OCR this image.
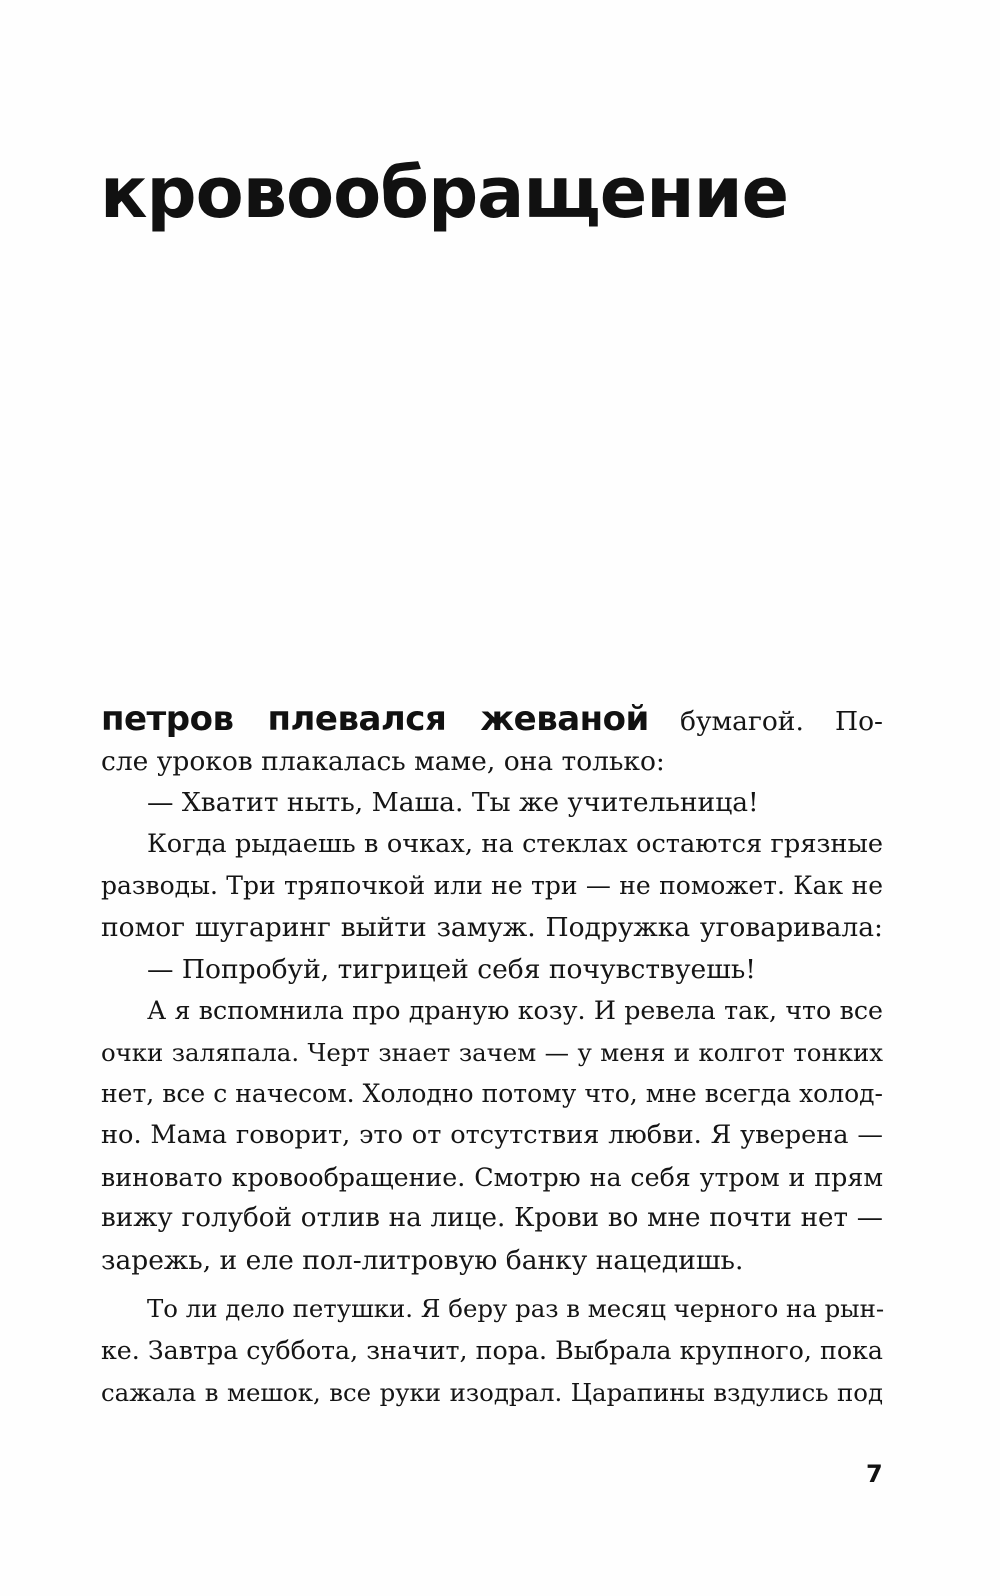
кровообращение
петров плевался жеваной бумагой. По-
сле уроков плакалась маме, она только:
— Хватит ныть, Маша. Ты же учительница!
Когда рыдаешь в очках, на стеклах остаются грязные
разводы. Три тряпочкой или не три — не поможет. Как не
помог шугаринг выйти замуж. Подружка уговаривала:
— Попробуй, тигрицей себя почувствуешь!
А я вспомнила про драную козу. И ревела так, что все
очки заляпала. Черт знает зачем — у меня и колгот тонких
нет, все с начесом. Холодно потому что, мне всегда холод-
но. Мама говорит, это от отсутствия любви. Я уверена —
виновато кровообращение. Смотрю на себя утром и прям
вижу голубой отлив на лице. Крови во мне почти нет —
зарежь, и еле пол-литровую банку нацедишь.
То ли дело петушки. Я беру раз в месяц черного на рын-
ке. Завтра суббота, значит, пора. Выбрала крупного, пока
сажала в мешок, все руки изодрал. Царапины вздулись под
7
